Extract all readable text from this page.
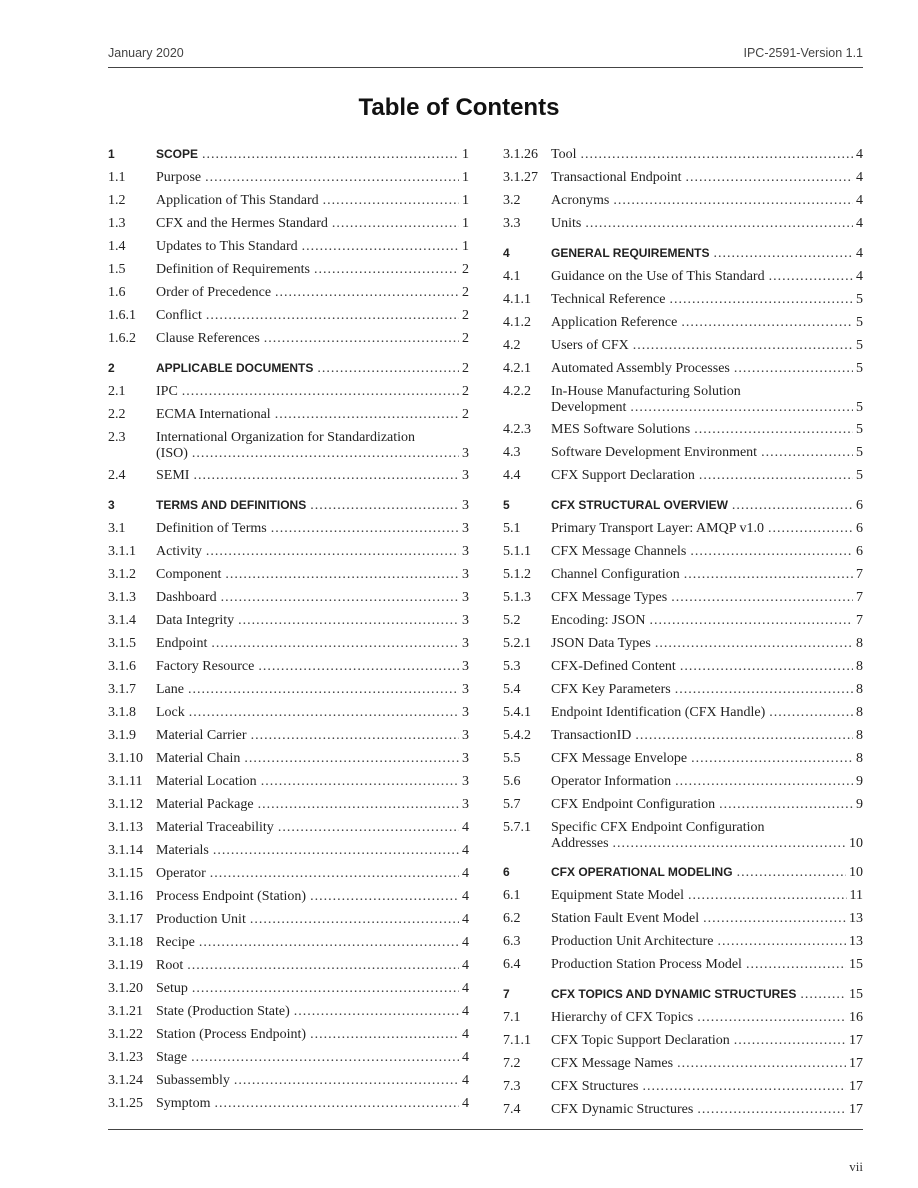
January 2020	IPC-2591-Version 1.1
Table of Contents
1	SCOPE .....	1
1.1	Purpose .....	1
1.2	Application of This Standard .....	1
1.3	CFX and the Hermes Standard .....	1
1.4	Updates to This Standard .....	1
1.5	Definition of Requirements .....	2
1.6	Order of Precedence .....	2
1.6.1	Conflict .....	2
1.6.2	Clause References .....	2
2	APPLICABLE DOCUMENTS .....	2
2.1	IPC .....	2
2.2	ECMA International .....	2
2.3	International Organization for Standardization
(ISO) .....	3
2.4	SEMI .....	3
3	TERMS AND DEFINITIONS .....	3
3.1	Definition of Terms .....	3
3.1.1	Activity .....	3
3.1.2	Component .....	3
3.1.3	Dashboard .....	3
3.1.4	Data Integrity .....	3
3.1.5	Endpoint .....	3
3.1.6	Factory Resource .....	3
3.1.7	Lane .....	3
3.1.8	Lock .....	3
3.1.9	Material Carrier .....	3
3.1.10 Material Chain .....	3
3.1.11 Material Location .....	3
3.1.12 Material Package .....	3
3.1.13 Material Traceability .....	4
3.1.14 Materials .....	4
3.1.15 Operator .....	4
3.1.16 Process Endpoint (Station) .....	4
3.1.17 Production Unit .....	4
3.1.18 Recipe .....	4
3.1.19 Root .....	4
3.1.20 Setup .....	4
3.1.21 State (Production State) .....	4
3.1.22 Station (Process Endpoint) .....	4
3.1.23 Stage .....	4
3.1.24 Subassembly .....	4
3.1.25 Symptom .....	4
3.1.26 Tool .....	4
3.1.27 Transactional Endpoint .....	4
3.2	Acronyms .....	4
3.3	Units .....	4
4	GENERAL REQUIREMENTS .....	4
4.1	Guidance on the Use of This Standard .....	4
4.1.1	Technical Reference .....	5
4.1.2	Application Reference .....	5
4.2	Users of CFX .....	5
4.2.1	Automated Assembly Processes .....	5
4.2.2	In-House Manufacturing Solution
Development .....	5
4.2.3	MES Software Solutions .....	5
4.3	Software Development Environment .....	5
4.4	CFX Support Declaration .....	5
5	CFX STRUCTURAL OVERVIEW .....	6
5.1	Primary Transport Layer: AMQP v1.0 .....	6
5.1.1	CFX Message Channels .....	6
5.1.2	Channel Configuration .....	7
5.1.3	CFX Message Types .....	7
5.2	Encoding: JSON .....	7
5.2.1	JSON Data Types .....	8
5.3	CFX-Defined Content .....	8
5.4	CFX Key Parameters .....	8
5.4.1	Endpoint Identification (CFX Handle) .....	8
5.4.2	TransactionID .....	8
5.5	CFX Message Envelope .....	8
5.6	Operator Information .....	9
5.7	CFX Endpoint Configuration .....	9
5.7.1	Specific CFX Endpoint Configuration
Addresses .....	10
6	CFX OPERATIONAL MODELING .....	10
6.1	Equipment State Model .....	11
6.2	Station Fault Event Model .....	13
6.3	Production Unit Architecture .....	13
6.4	Production Station Process Model .....	15
7	CFX TOPICS AND DYNAMIC STRUCTURES .....	15
7.1	Hierarchy of CFX Topics .....	16
7.1.1	CFX Topic Support Declaration .....	17
7.2	CFX Message Names .....	17
7.3	CFX Structures .....	17
7.4	CFX Dynamic Structures .....	17
vii
